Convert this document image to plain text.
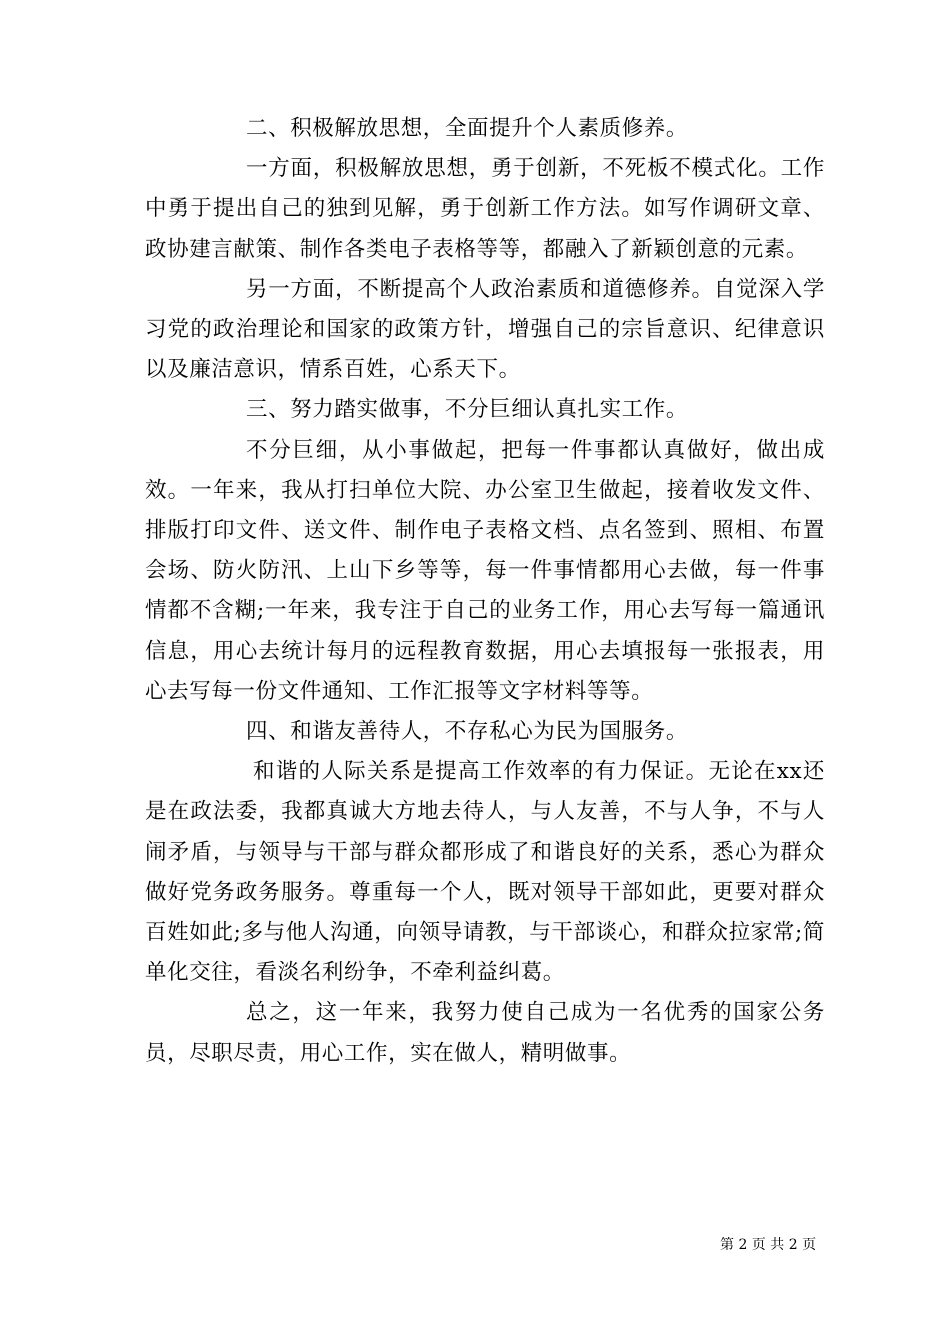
二、积极解放思想，全面提升个人素质修养。

一方面，积极解放思想，勇于创新，不死板不模式化。工作中勇于提出自己的独到见解，勇于创新工作方法。如写作调研文章、政协建言献策、制作各类电子表格等等，都融入了新颖创意的元素。

另一方面，不断提高个人政治素质和道德修养。自觉深入学习党的政治理论和国家的政策方针，增强自己的宗旨意识、纪律意识以及廉洁意识，情系百姓，心系天下。

三、努力踏实做事，不分巨细认真扎实工作。

不分巨细，从小事做起，把每一件事都认真做好，做出成效。一年来，我从打扫单位大院、办公室卫生做起，接着收发文件、排版打印文件、送文件、制作电子表格文档、点名签到、照相、布置会场、防火防汛、上山下乡等等，每一件事情都用心去做，每一件事情都不含糊;一年来，我专注于自己的业务工作，用心去写每一篇通讯信息，用心去统计每月的远程教育数据，用心去填报每一张报表，用心去写每一份文件通知、工作汇报等文字材料等等。

四、和谐友善待人，不存私心为民为国服务。

和谐的人际关系是提高工作效率的有力保证。无论在xx还是在政法委，我都真诚大方地去待人，与人友善，不与人争，不与人闹矛盾，与领导与干部与群众都形成了和谐良好的关系，悉心为群众做好党务政务服务。尊重每一个人，既对领导干部如此，更要对群众百姓如此;多与他人沟通，向领导请教，与干部谈心，和群众拉家常;简单化交往，看淡名利纷争，不牵利益纠葛。

总之，这一年来，我努力使自己成为一名优秀的国家公务员，尽职尽责，用心工作，实在做人，精明做事。

第 2 页 共 2 页
